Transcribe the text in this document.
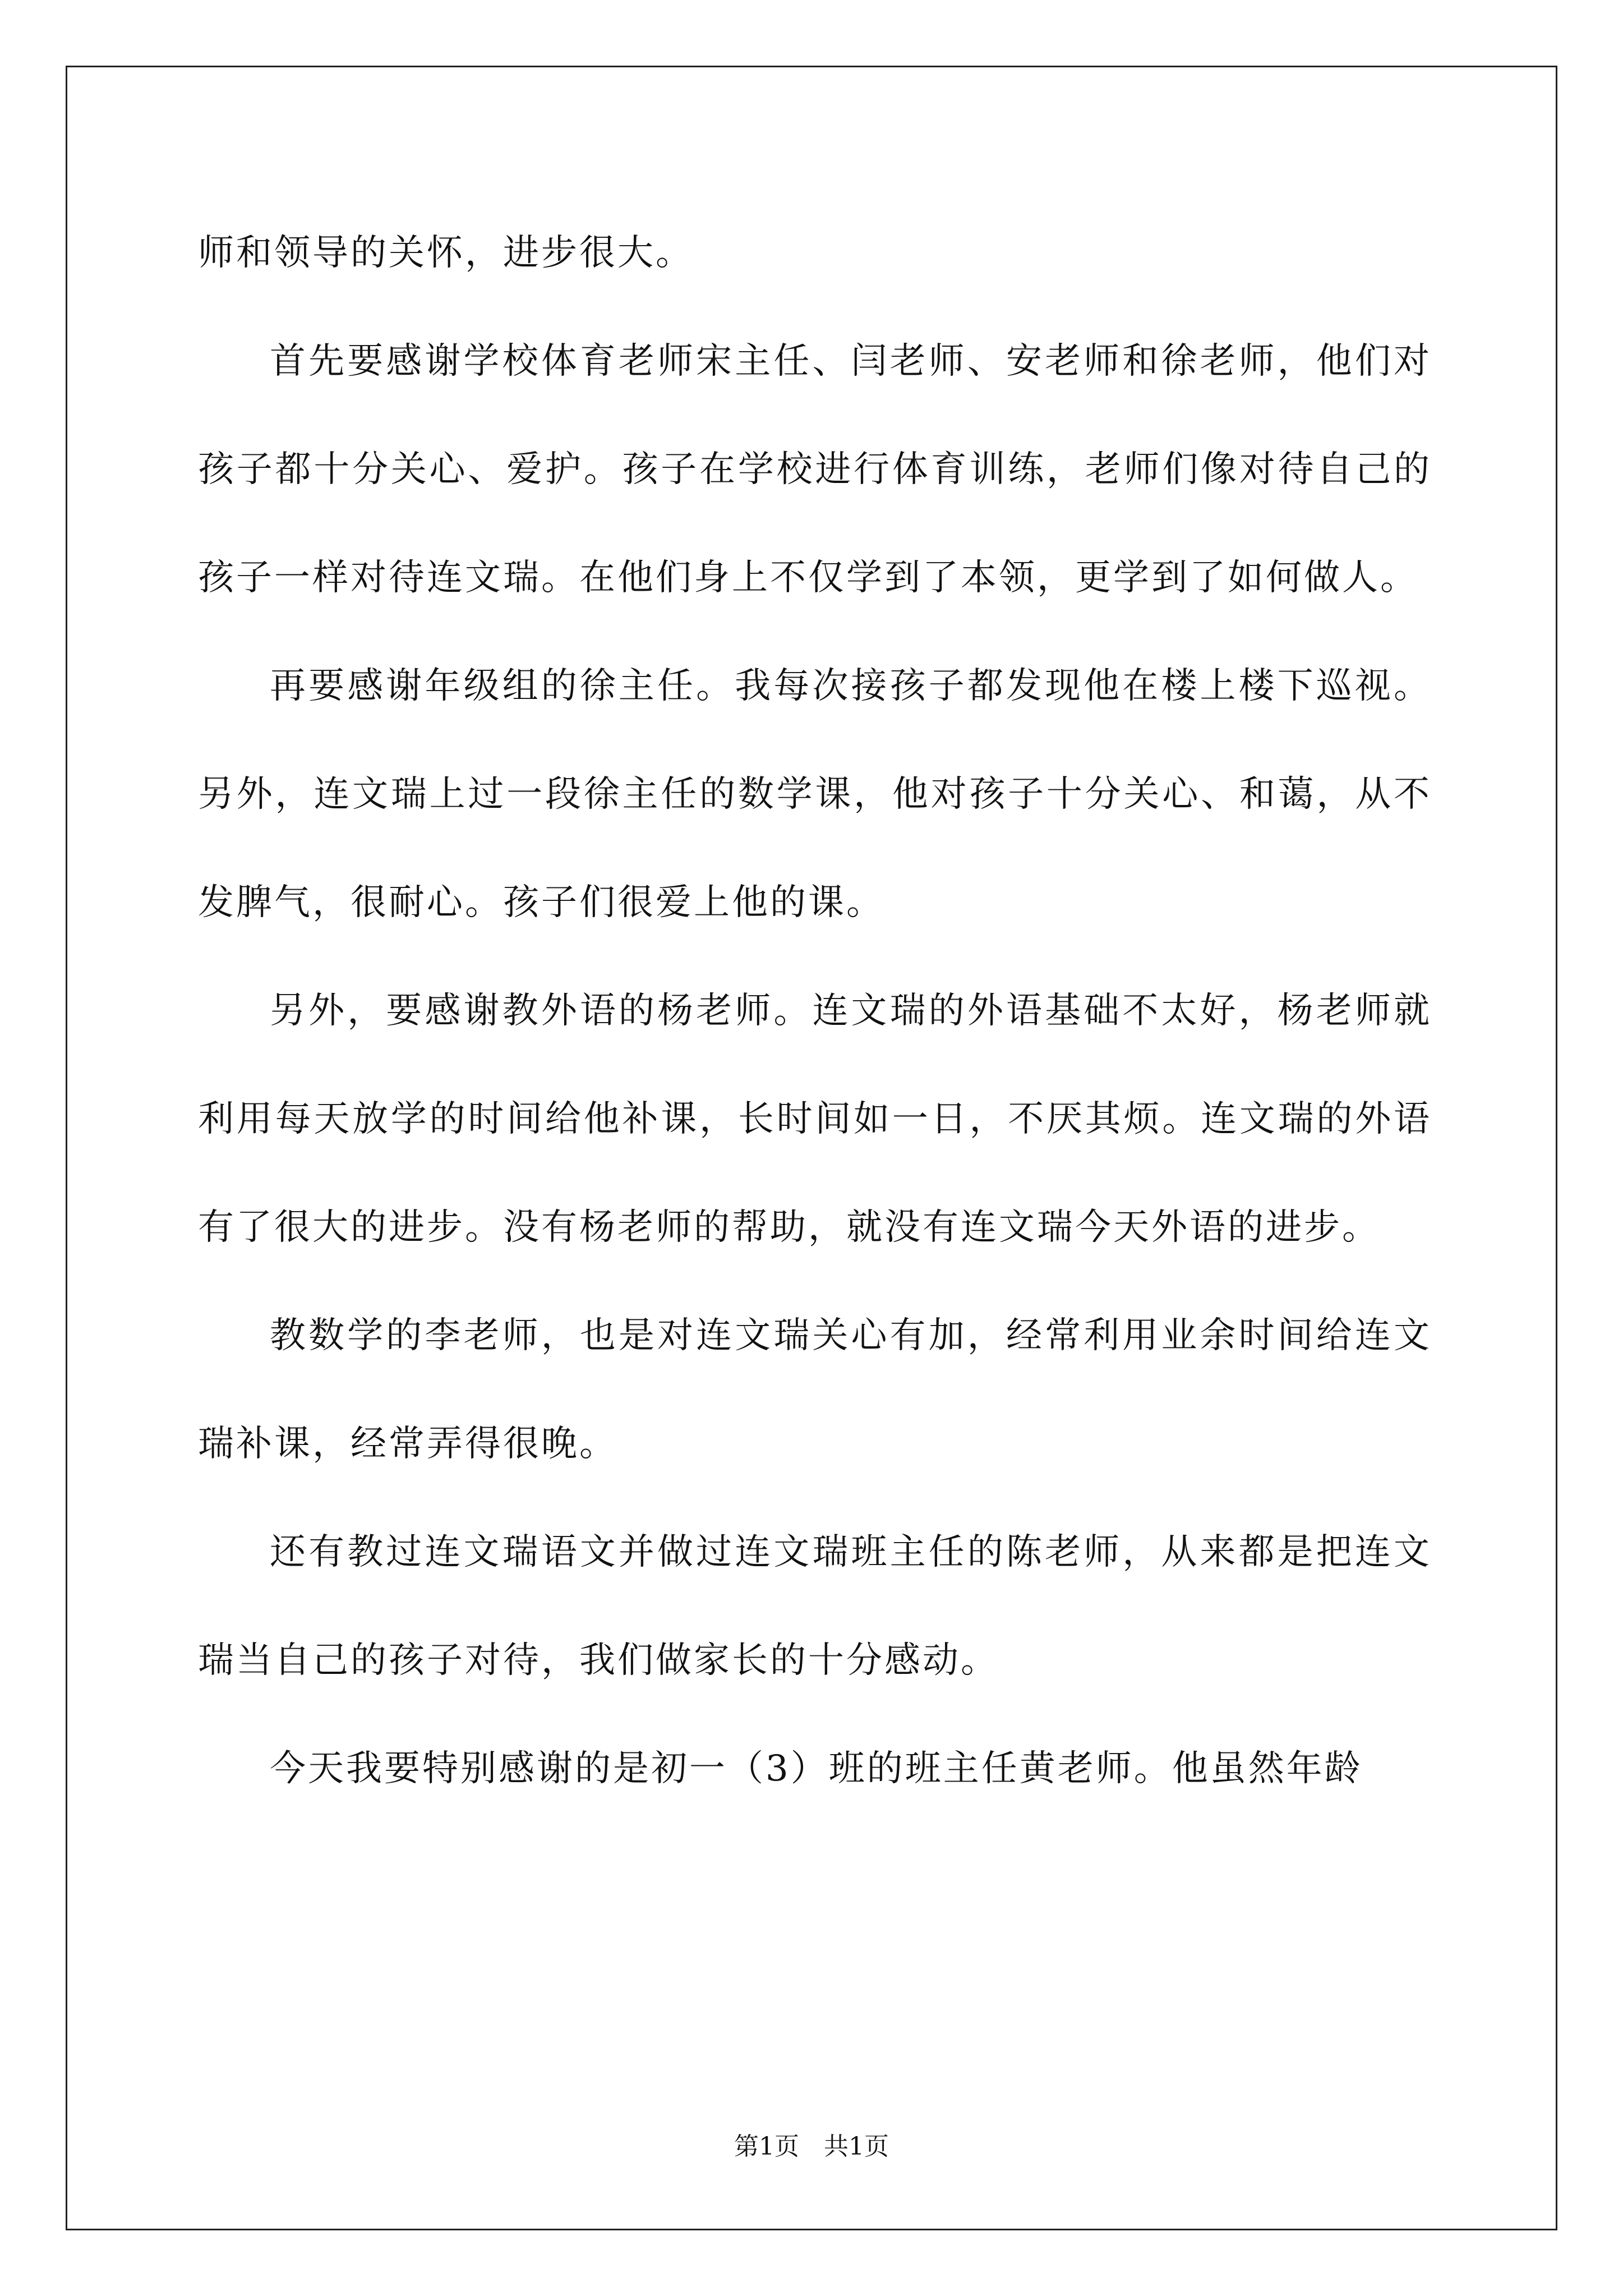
师和领导的关怀，进步很大。

首先要感谢学校体育老师宋主任、闫老师、安老师和徐老师，他们对孩子都十分关心、爱护。孩子在学校进行体育训练，老师们像对待自己的孩子一样对待连文瑞。在他们身上不仅学到了本领，更学到了如何做人。

再要感谢年级组的徐主任。我每次接孩子都发现他在楼上楼下巡视。另外，连文瑞上过一段徐主任的数学课，他对孩子十分关心、和蔼，从不发脾气，很耐心。孩子们很爱上他的课。

另外，要感谢教外语的杨老师。连文瑞的外语基础不太好，杨老师就利用每天放学的时间给他补课，长时间如一日，不厌其烦。连文瑞的外语有了很大的进步。没有杨老师的帮助，就没有连文瑞今天外语的进步。

教数学的李老师，也是对连文瑞关心有加，经常利用业余时间给连文瑞补课，经常弄得很晚。

还有教过连文瑞语文并做过连文瑞班主任的陈老师，从来都是把连文瑞当自己的孩子对待，我们做家长的十分感动。

今天我要特别感谢的是初一（3）班的班主任黄老师。他虽然年龄

第1页 共1页
